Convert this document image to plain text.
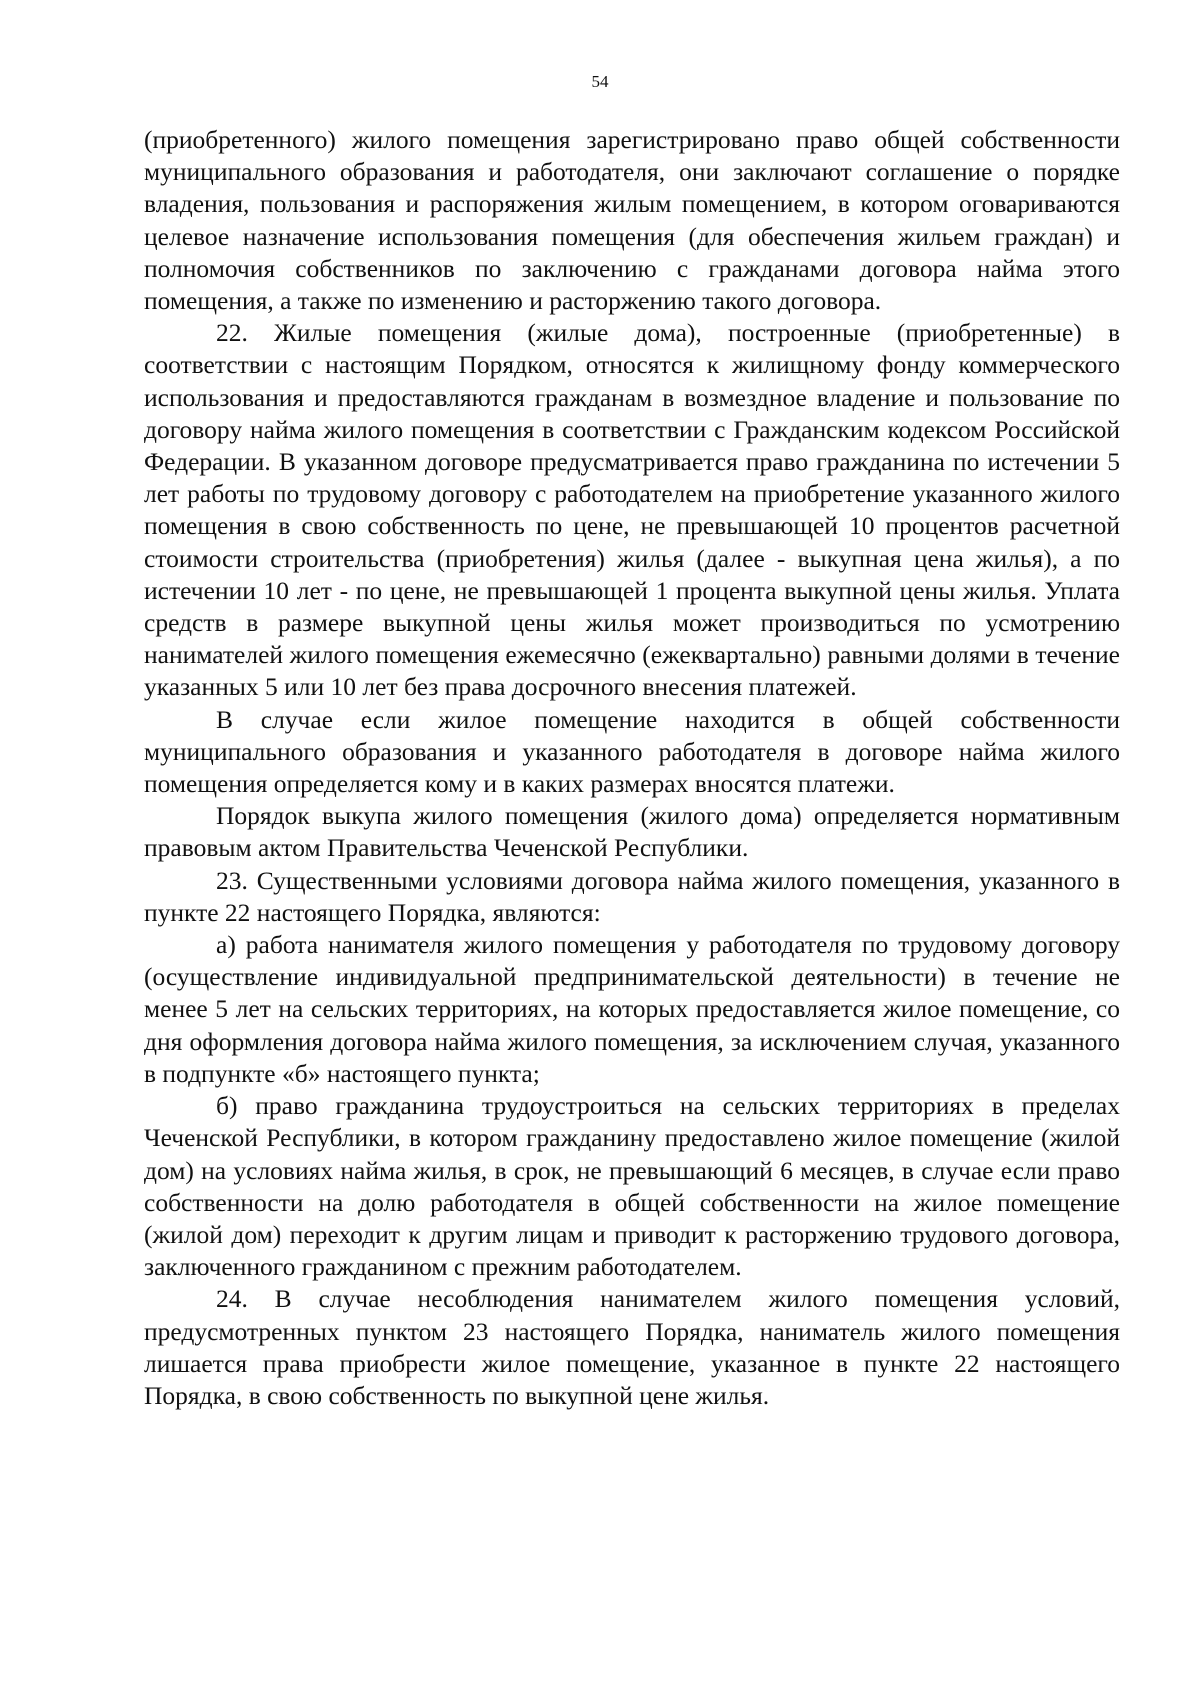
54

(приобретенного) жилого помещения зарегистрировано право общей собственности муниципального образования и работодателя, они заключают соглашение о порядке владения, пользования и распоряжения жилым помещением, в котором оговариваются целевое назначение использования помещения (для обеспечения жильем граждан) и полномочия собственников по заключению с гражданами договора найма этого помещения, а также по изменению и расторжению такого договора.

22. Жилые помещения (жилые дома), построенные (приобретенные) в соответствии с настоящим Порядком, относятся к жилищному фонду коммерческого использования и предоставляются гражданам в возмездное владение и пользование по договору найма жилого помещения в соответствии с Гражданским кодексом Российской Федерации. В указанном договоре предусматривается право гражданина по истечении 5 лет работы по трудовому договору с работодателем на приобретение указанного жилого помещения в свою собственность по цене, не превышающей 10 процентов расчетной стоимости строительства (приобретения) жилья (далее - выкупная цена жилья), а по истечении 10 лет - по цене, не превышающей 1 процента выкупной цены жилья. Уплата средств в размере выкупной цены жилья может производиться по усмотрению нанимателей жилого помещения ежемесячно (ежеквартально) равными долями в течение указанных 5 или 10 лет без права досрочного внесения платежей.

В случае если жилое помещение находится в общей собственности муниципального образования и указанного работодателя в договоре найма жилого помещения определяется кому и в каких размерах вносятся платежи.

Порядок выкупа жилого помещения (жилого дома) определяется нормативным правовым актом Правительства Чеченской Республики.

23. Существенными условиями договора найма жилого помещения, указанного в пункте 22 настоящего Порядка, являются:

а) работа нанимателя жилого помещения у работодателя по трудовому договору (осуществление индивидуальной предпринимательской деятельности) в течение не менее 5 лет на сельских территориях, на которых предоставляется жилое помещение, со дня оформления договора найма жилого помещения, за исключением случая, указанного в подпункте «б» настоящего пункта;

б) право гражданина трудоустроиться на сельских территориях в пределах Чеченской Республики, в котором гражданину предоставлено жилое помещение (жилой дом) на условиях найма жилья, в срок, не превышающий 6 месяцев, в случае если право собственности на долю работодателя в общей собственности на жилое помещение (жилой дом) переходит к другим лицам и приводит к расторжению трудового договора, заключенного гражданином с прежним работодателем.

24. В случае несоблюдения нанимателем жилого помещения условий, предусмотренных пунктом 23 настоящего Порядка, наниматель жилого помещения лишается права приобрести жилое помещение, указанное в пункте 22 настоящего Порядка, в свою собственность по выкупной цене жилья.
